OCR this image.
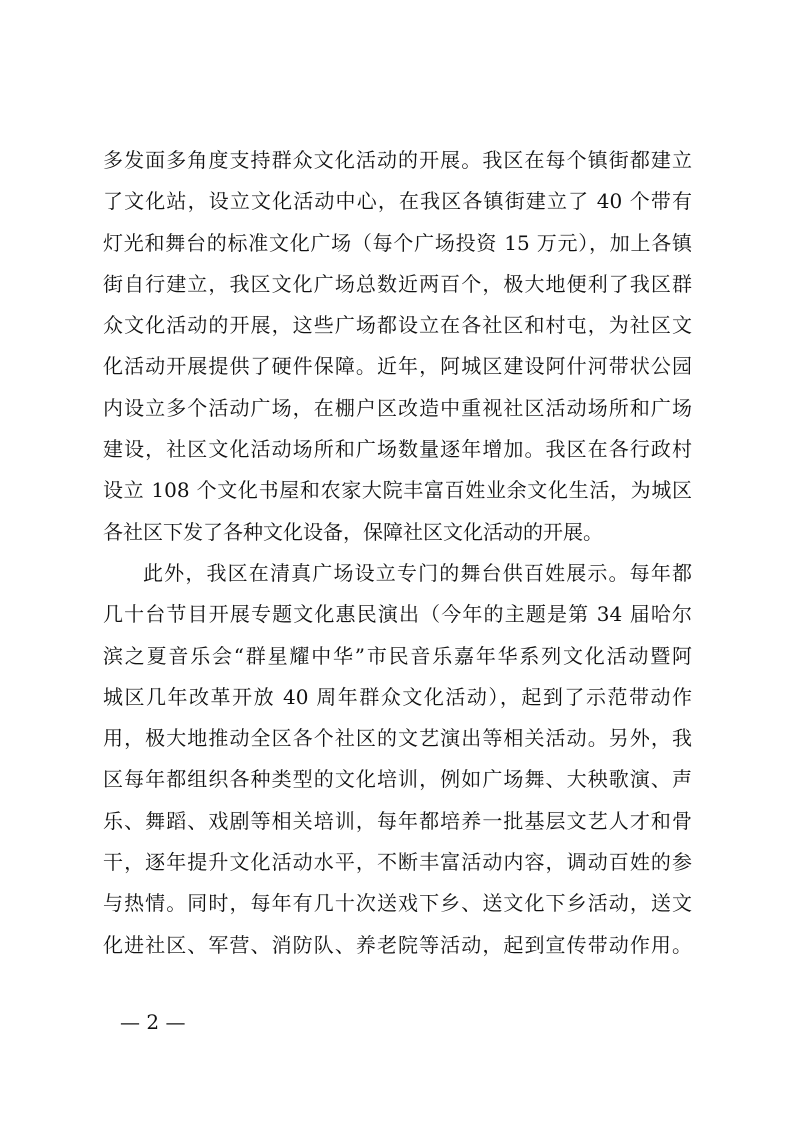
多发面多角度支持群众文化活动的开展。我区在每个镇街都建立
了文化站，设立文化活动中心，在我区各镇街建立了 40 个带有
灯光和舞台的标准文化广场（每个广场投资 15 万元），加上各镇
街自行建立，我区文化广场总数近两百个，极大地便利了我区群
众文化活动的开展，这些广场都设立在各社区和村屯，为社区文
化活动开展提供了硬件保障。近年，阿城区建设阿什河带状公园
内设立多个活动广场，在棚户区改造中重视社区活动场所和广场
建设，社区文化活动场所和广场数量逐年增加。我区在各行政村
设立 108 个文化书屋和农家大院丰富百姓业余文化生活，为城区
各社区下发了各种文化设备，保障社区文化活动的开展。
此外，我区在清真广场设立专门的舞台供百姓展示。每年都
几十台节目开展专题文化惠民演出（今年的主题是第 34 届哈尔
滨之夏音乐会“群星耀中华”市民音乐嘉年华系列文化活动暨阿
城区几年改革开放 40 周年群众文化活动），起到了示范带动作
用，极大地推动全区各个社区的文艺演出等相关活动。另外，我
区每年都组织各种类型的文化培训，例如广场舞、大秧歌演、声
乐、舞蹈、戏剧等相关培训，每年都培养一批基层文艺人才和骨
干，逐年提升文化活动水平，不断丰富活动内容，调动百姓的参
与热情。同时，每年有几十次送戏下乡、送文化下乡活动，送文
化进社区、军营、消防队、养老院等活动，起到宣传带动作用。
— 2 —
